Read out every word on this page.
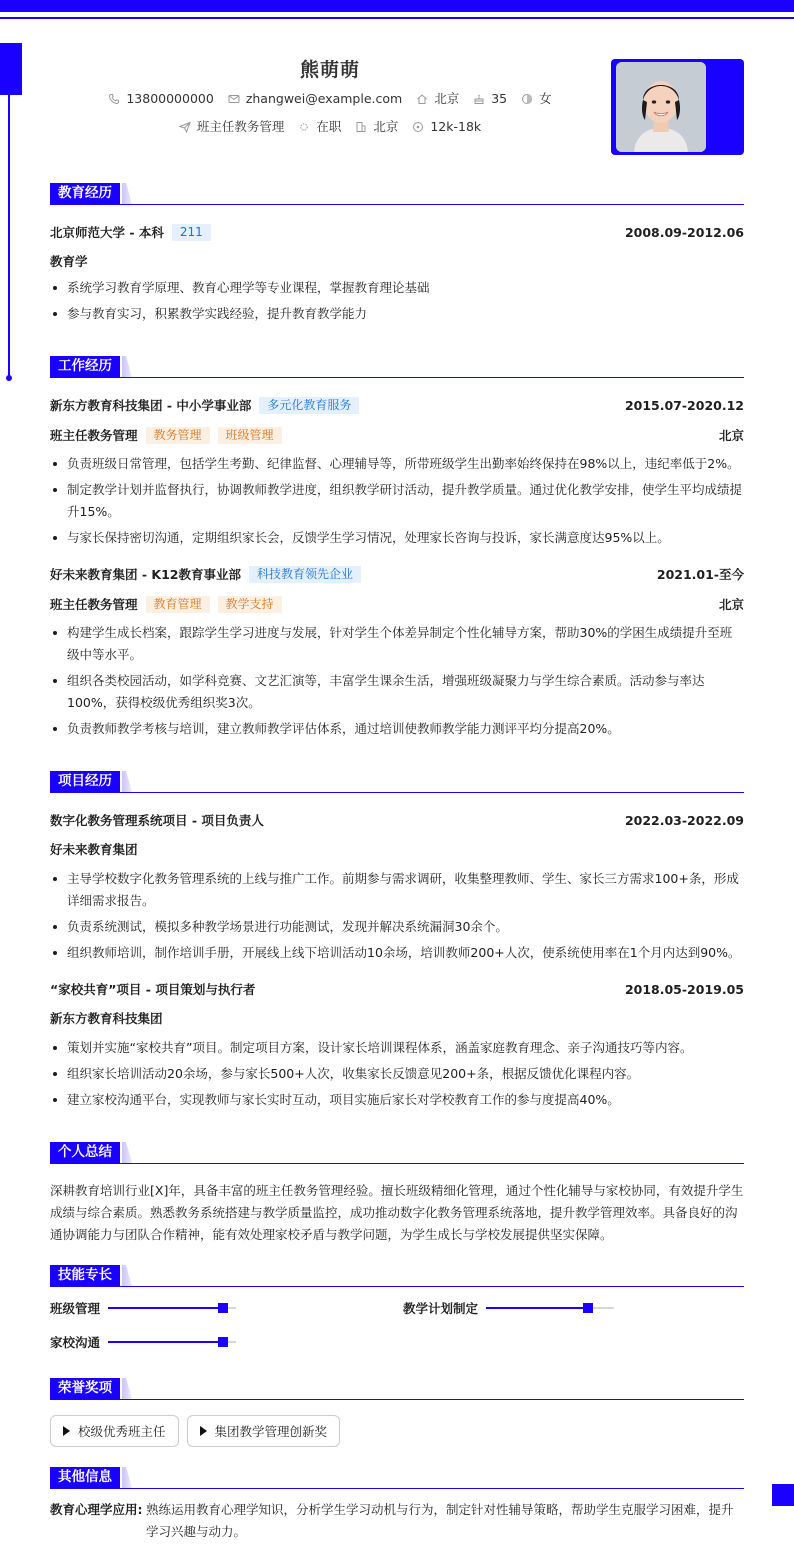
熊萌萌
13800000000	zhangwei@example.com	北京	35	女
班主任教务管理	在职	北京	12k-18k
教育经历
北京师范大学 - 本科	211	2008.09-2012.06
教育学
系统学习教育学原理、教育心理学等专业课程，掌握教育理论基础
参与教育实习，积累教学实践经验，提升教育教学能力
工作经历
新东方教育科技集团 - 中小学事业部	多元化教育服务	2015.07-2020.12
班主任教务管理	教务管理	班级管理	北京
负责班级日常管理，包括学生考勤、纪律监督、心理辅导等，所带班级学生出勤率始终保持在98%以上，违纪率低于2%。
制定教学计划并监督执行，协调教师教学进度，组织教学研讨活动，提升教学质量。通过优化教学安排，使学生平均成绩提升15%。
与家长保持密切沟通，定期组织家长会，反馈学生学习情况，处理家长咨询与投诉，家长满意度达95%以上。
好未来教育集团 - K12教育事业部	科技教育领先企业	2021.01-至今
班主任教务管理	教育管理	教学支持	北京
构建学生成长档案，跟踪学生学习进度与发展，针对学生个体差异制定个性化辅导方案，帮助30%的学困生成绩提升至班级中等水平。
组织各类校园活动，如学科竞赛、文艺汇演等，丰富学生课余生活，增强班级凝聚力与学生综合素质。活动参与率达100%，获得校级优秀组织奖3次。
负责教师教学考核与培训，建立教师教学评估体系，通过培训使教师教学能力测评平均分提高20%。
项目经历
数字化教务管理系统项目 - 项目负责人	2022.03-2022.09
好未来教育集团
主导学校数字化教务管理系统的上线与推广工作。前期参与需求调研，收集整理教师、学生、家长三方需求100+条，形成详细需求报告。
负责系统测试，模拟多种教学场景进行功能测试，发现并解决系统漏洞30余个。
组织教师培训，制作培训手册，开展线上线下培训活动10余场，培训教师200+人次，使系统使用率在1个月内达到90%。
“家校共育”项目 - 项目策划与执行者	2018.05-2019.05
新东方教育科技集团
策划并实施“家校共育”项目。制定项目方案，设计家长培训课程体系，涵盖家庭教育理念、亲子沟通技巧等内容。
组织家长培训活动20余场，参与家长500+人次，收集家长反馈意见200+条，根据反馈优化课程内容。
建立家校沟通平台，实现教师与家长实时互动，项目实施后家长对学校教育工作的参与度提高40%。
个人总结

深耕教育培训行业[X]年，具备丰富的班主任教务管理经验。擅长班级精细化管理，通过个性化辅导与家校协同，有效提升学生成绩与综合素质。熟悉教务系统搭建与教学质量监控，成功推动数字化教务管理系统落地，提升教学管理效率。具备良好的沟通协调能力与团队合作精神，能有效处理家校矛盾与教学问题，为学生成长与学校发展提供坚实保障。

技能专长
班级管理	教学计划制定
家校沟通
荣誉奖项
校级优秀班主任	集团教学管理创新奖
其他信息
教育心理学应用: 熟练运用教育心理学知识，分析学生学习动机与行为，制定针对性辅导策略，帮助学生克服学习困难，提升学习兴趣与动力。
